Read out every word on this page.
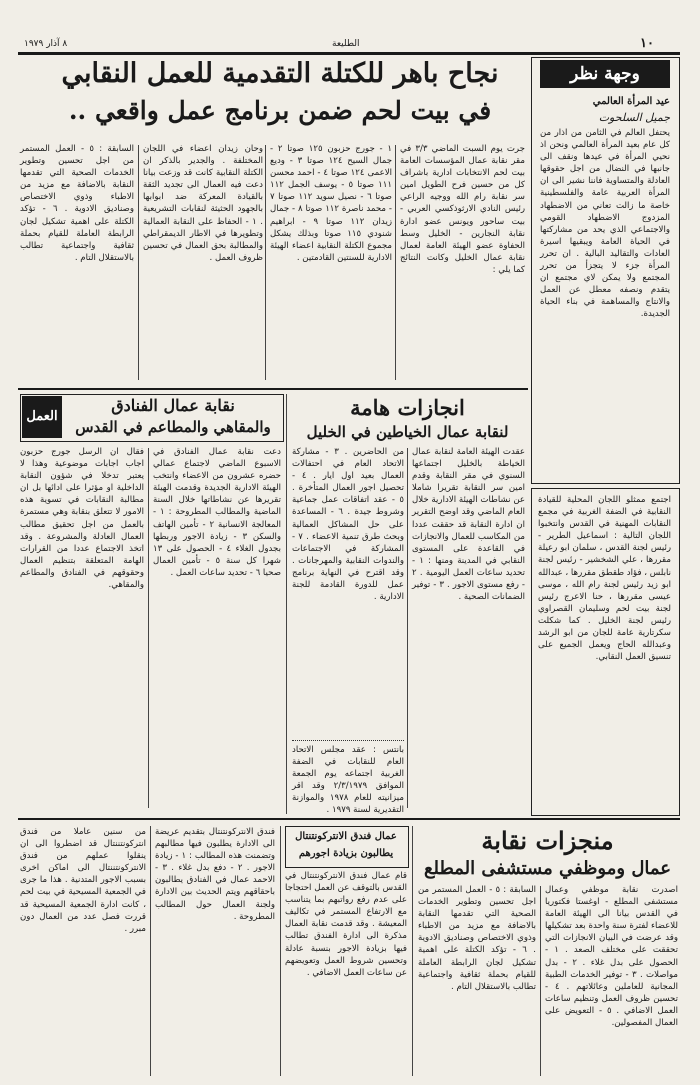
١٠
الطليعة
٨ آذار ١٩٧٩
نجاح باهر للكتلة التقدمية للعمل النقابي
في بيت لحم ضمن برنامج عمل واقعي ..
وجهة نظر
عيد المرأة العالمي
جميل السلحوت
يحتفل العالم في الثامن من اذار من كل عام بعيد المرأة العالمي ونحن اذ نحيي المرأة في عيدها ونقف الى جانبها في النضال من اجل حقوقها العادلة والمتساوية فاننا نشير الى ان المرأة العربية عامة والفلسطينية خاصة ما زالت تعاني من الاضطهاد المزدوج الاضطهاد القومي والاجتماعي الذي يحد من مشاركتها في الحياة العامة ويبقيها اسيرة العادات والتقاليد البالية . ان تحرر المرأة جزء لا يتجزأ من تحرر المجتمع ولا يمكن لاي مجتمع ان يتقدم ونصفه معطل عن العمل والانتاج والمساهمة في بناء الحياة الجديدة.
جرت يوم السبت الماضي ٣/٣ في مقر نقابة عمال المؤسسات العامة بيت لحم الانتخابات ادارية باشراف كل من حسين فرح الطويل امين سر نقابة رام الله ووجيه الراعي رئيس النادي الارثوذكسي العربي - بيت ساحور ويونس عضو ادارة نقابة النجارين - الخليل وسط الحفاوة عضو الهيئة العامة لعمال نقابة عمال الخليل وكانت النتائج كما يلي :
١ - جورج حزبون ١٢٥ صوتا ٢ - جمال السيح ١٢٤ صوتا ٣ - وديع الاعمى ١٢٤ صوتا ٤ - احمد محسن ١١١ صوتا ٥ - يوسف الجمل ١١٢ صوتا ٦ - نصيل سويد ١١٢ صوتا ٧ - محمد ناصرة ١١٢ صوتا ٨ - جمال زيدان ١١٢ صوتا ٩ - ابراهيم شنودي ١١٥ صوتا وبذلك يشكل مجموع الكتلة النقابية اعضاء الهيئة الادارية للسنتين القادمتين .
وحان زيدان اعضاء في اللجان المختلفة . والجدير بالذكر ان الكتلة النقابية كانت قد وزعت بيانا دعت فيه العمال الى تجديد الثقة بالقيادة المعركة ضد ابوابها بالجهود الحثيثة لنقابات التشريعية . ١ - الحفاظ على النقابة العمالية وتطويرها في الاطار الديمقراطي والمطالبة بحق العمال في تحسين ظروف العمل .
السابقة : ٥ - العمل المستمر من اجل تحسين وتطوير الخدمات الصحية التي تقدمها النقابة بالاضافة مع مزيد من الاطباء وذوي الاختصاص وصناديق الادوية . ٦ - تؤكد الكتلة على اهمية تشكيل لجان الرابطة العاملة للقيام بحملة ثقافية واجتماعية تطالب بالاستقلال التام .
اجتمع ممثلو اللجان المحلية للقيادة النقابية في الضفة الغربية في مجمع النقابات المهنية في القدس وانتخبوا اللجان التالية : اسماعيل الطرير - رئيس لجنة القدس ، سلمان ابو رعيلة مقررها ، علي الشخشير - رئيس لجنة نابلس ، فؤاد طقطق مقررها ، عبدالله ابو زيد رئيس لجنة رام الله ، موسى عيسى مقررها ، حنا الاعرج رئيس لجنة بيت لحم وسليمان القصراوي رئيس لجنة الخليل . كما شكلت سكرتارية عامة للجان من ابو الرشد وعبدالله الحاج ويعمل الجميع على تنسيق العمل النقابي.
انجازات هامة
لنقابة عمال الخياطين في الخليل
عقدت الهيئة العامة لنقابة عمال الخياطة بالخليل اجتماعها السنوي في مقر النقابة وقدم امين سر النقابة تقريرا شاملا عن نشاطات الهيئة الادارية خلال العام الماضي وقد اوضح التقرير ان ادارة النقابة قد حققت عددا من المكاسب للعمال والانجازات في القاعدة على المستوى النقابي في المدينة ومنها : ١ - تحديد ساعات العمل اليومية . ٢ - رفع مستوى الاجور . ٣ - توفير الضمانات الصحية .
من الحاضرين . ٣ - مشاركة الاتحاد العام في احتفالات العمال بعيد اول ايار . ٤ - تحصيل اجور العمال المتأخرة . ٥ - عقد اتفاقات عمل جماعية وشروط جيدة . ٦ - المساعدة على حل المشاكل العمالية وبحث طرق تنمية الاعضاء . ٧ - المشاركة في الاجتماعات والندوات النقابية والمهرجانات . وقد اقترح في النهاية برنامج عمل للدورة القادمة للجنة الادارية .
بانتس : عقد مجلس الاتحاد العام للنقابات في الضفة الغربية اجتماعه يوم الجمعة الموافق ٢/٣/١٩٧٩ وقد اقر ميزانيته للعام ١٩٧٨ والموازنة التقديرية لسنة ١٩٧٩ .
العمل
نقابة عمال الفنادق
والمقاهي والمطاعم في القدس
دعت نقابة عمال الفنادق في الاسبوع الماضي لاجتماع عمالي حضره عشرون من الاعضاء وانتخب الهيئة الادارية الجديدة وقدمت الهيئة تقريرها عن نشاطاتها خلال السنة الماضية والمطالب المطروحة : ١ - المعالجة الانسانية ٢ - تأمين الهاتف والسكن ٣ - زيادة الاجور وربطها بجدول الغلاء ٤ - الحصول على ١٣ شهرا كل سنة ٥ - تأمين العمال صحيا ٦ - تحديد ساعات العمل .
فقال ان الرسل جورج حزبون اجاب اجابات موضوعية وهذا لا يعتبر تدخلا في شؤون النقابة الداخلية او مؤثرا على ادائها بل ان مطالبة النقابات في تسوية هذه الامور لا تتعلق بنقابة وهي مستمرة بالعمل من اجل تحقيق مطالب العمال العادلة والمشروعة . وقد اتخذ الاجتماع عددا من القرارات الهامة المتعلقة بتنظيم العمال وحقوقهم في الفنادق والمطاعم والمقاهي.
منجزات نقابة
عمال وموظفي مستشفى المطلع
اصدرت نقابة موظفي وعمال مستشفى المطلع - اوغستا فكتوريا في القدس بيانا الى الهيئة العامة للاعضاء لفترة سنة واحدة بعد تشكيلها وقد عرضت في البيان الانجازات التي تحققت على مختلف الصعد . ١ - الحصول على بدل غلاء . ٢ - بدل مواصلات . ٣ - توفير الخدمات الطبية المجانية للعاملين وعائلاتهم . ٤ - تحسين ظروف العمل وتنظيم ساعات العمل الاضافي . ٥ - التعويض على العمال المفصولين.
السابقة : ٥ - العمل المستمر من اجل تحسين وتطوير الخدمات الصحية التي تقدمها النقابة بالاضافة مع مزيد من الاطباء وذوي الاختصاص وصناديق الادوية . ٦ - تؤكد الكتلة على اهمية تشكيل لجان الرابطة العاملة للقيام بحملة ثقافية واجتماعية تطالب بالاستقلال التام .
عمال فندق الانتركونتنتال
يطالبون بزيادة اجورهم
قام عمال فندق الانتركونتنتال في القدس بالتوقف عن العمل احتجاجا على عدم رفع رواتبهم بما يتناسب مع الارتفاع المستمر في تكاليف المعيشة . وقد قدمت نقابة العمال مذكرة الى ادارة الفندق تطالب فيها بزيادة الاجور بنسبة عادلة وتحسين شروط العمل وتعويضهم عن ساعات العمل الاضافي .
فندق الانتركونتنتال بتقديم عريضة الى الادارة يطلبون فيها مطالبهم وتضمنت هذه المطالب : ١ - زيادة الاجور . ٢ - دفع بدل غلاء . ٣ - الاحمد عمال في الفنادق يطالبون باحقاقهم ويتم الحديث بين الادارة ولجنة العمال حول المطالب المطروحة .
من سنين عاملا من فندق انتركونتننتال قد اضطروا الى ان ينقلوا عملهم من فندق الانتركونتننتال الى اماكن اخرى بسبب الاجور المتدنية . هذا ما جرى في الجمعية المسيحية في بيت لحم ، كانت ادارة الجمعية المسيحية قد قررت فصل عدد من العمال دون مبرر .
